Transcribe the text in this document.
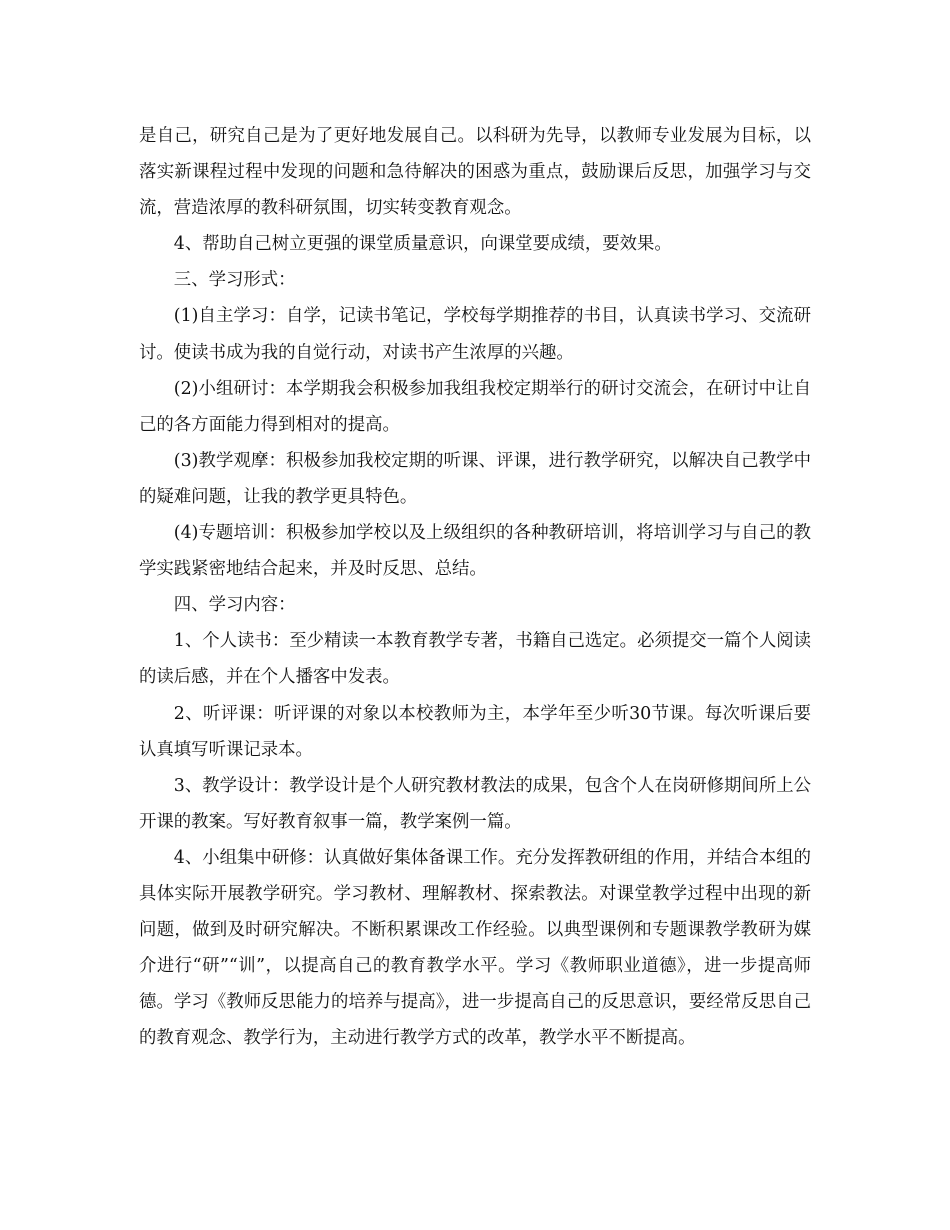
是自己，研究自己是为了更好地发展自己。以科研为先导，以教师专业发展为目标，以落实新课程过程中发现的问题和急待解决的困惑为重点，鼓励课后反思，加强学习与交流，营造浓厚的教科研氛围，切实转变教育观念。

4、帮助自己树立更强的课堂质量意识，向课堂要成绩，要效果。

三、学习形式：

(1)自主学习：自学，记读书笔记，学校每学期推荐的书目，认真读书学习、交流研讨。使读书成为我的自觉行动，对读书产生浓厚的兴趣。

(2)小组研讨：本学期我会积极参加我组我校定期举行的研讨交流会，在研讨中让自己的各方面能力得到相对的提高。

(3)教学观摩：积极参加我校定期的听课、评课，进行教学研究，以解决自己教学中的疑难问题，让我的教学更具特色。

(4)专题培训：积极参加学校以及上级组织的各种教研培训，将培训学习与自己的教学实践紧密地结合起来，并及时反思、总结。

四、学习内容：

1、个人读书：至少精读一本教育教学专著，书籍自己选定。必须提交一篇个人阅读的读后感，并在个人播客中发表。

2、听评课：听评课的对象以本校教师为主，本学年至少听30节课。每次听课后要认真填写听课记录本。

3、教学设计：教学设计是个人研究教材教法的成果，包含个人在岗研修期间所上公开课的教案。写好教育叙事一篇，教学案例一篇。

4、小组集中研修：认真做好集体备课工作。充分发挥教研组的作用，并结合本组的具体实际开展教学研究。学习教材、理解教材、探索教法。对课堂教学过程中出现的新问题，做到及时研究解决。不断积累课改工作经验。以典型课例和专题课教学教研为媒介进行“研”“训”，以提高自己的教育教学水平。学习《教师职业道德》，进一步提高师德。学习《教师反思能力的培养与提高》，进一步提高自己的反思意识，要经常反思自己的教育观念、教学行为，主动进行教学方式的改革，教学水平不断提高。
